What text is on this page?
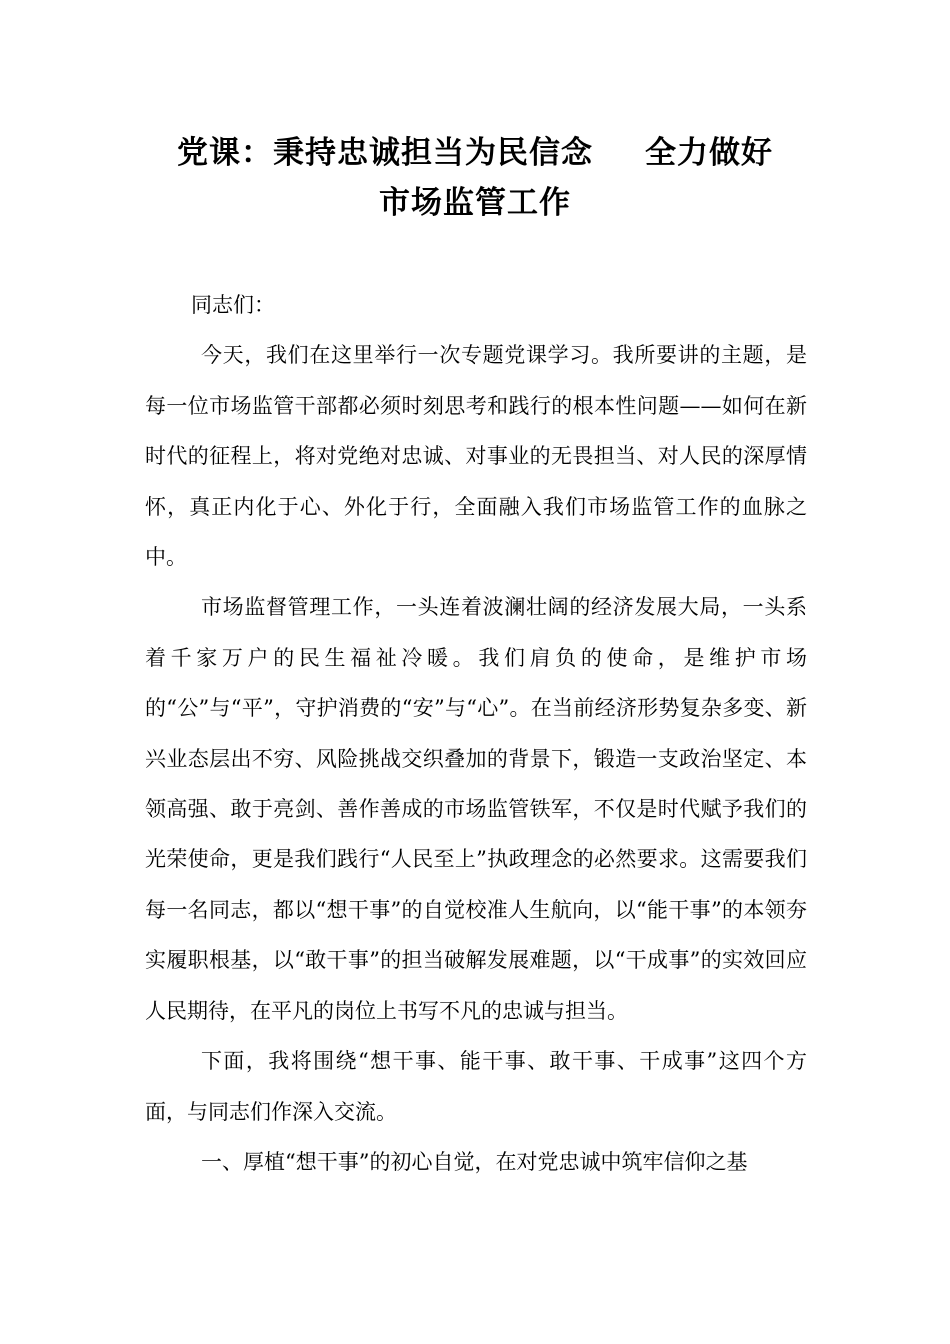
党课：秉持忠诚担当为民信念 全力做好
市场监管工作

同志们：

今天，我们在这里举行一次专题党课学习。我所要讲的主题，是每一位市场监管干部都必须时刻思考和践行的根本性问题——如何在新时代的征程上，将对党绝对忠诚、对事业的无畏担当、对人民的深厚情怀，真正内化于心、外化于行，全面融入我们市场监管工作的血脉之中。

市场监督管理工作，一头连着波澜壮阔的经济发展大局，一头系着千家万户的民生福祉冷暖。我们肩负的使命，是维护市场的“公”与“平”，守护消费的“安”与“心”。在当前经济形势复杂多变、新兴业态层出不穷、风险挑战交织叠加的背景下，锻造一支政治坚定、本领高强、敢于亮剑、善作善成的市场监管铁军，不仅是时代赋予我们的光荣使命，更是我们践行“人民至上”执政理念的必然要求。这需要我们每一名同志，都以“想干事”的自觉校准人生航向，以“能干事”的本领夯实履职根基，以“敢干事”的担当破解发展难题，以“干成事”的实效回应人民期待，在平凡的岗位上书写不凡的忠诚与担当。

下面，我将围绕“想干事、能干事、敢干事、干成事”这四个方面，与同志们作深入交流。

一、厚植“想干事”的初心自觉，在对党忠诚中筑牢信仰之基
